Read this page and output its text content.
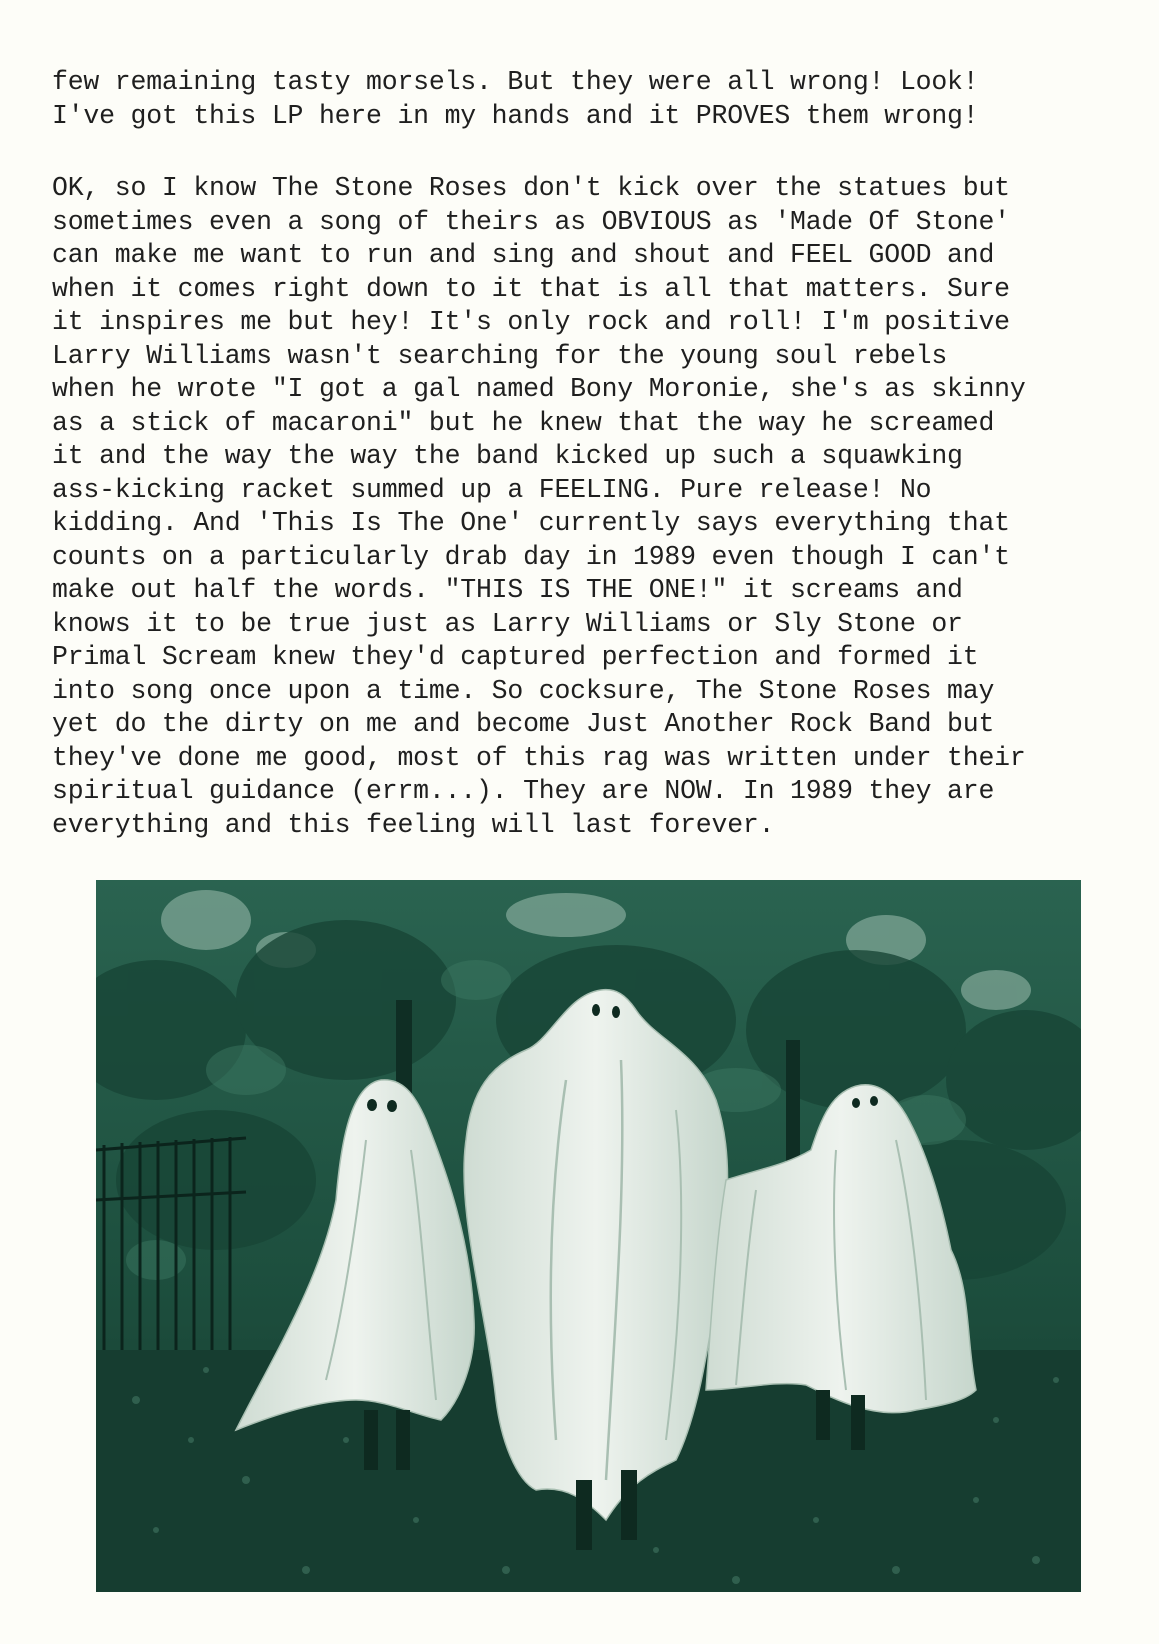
few remaining tasty morsels. But they were all wrong! Look!
I've got this LP here in my hands and it PROVES them wrong!
OK, so I know The Stone Roses don't kick over the statues but
sometimes even a song of theirs as OBVIOUS as 'Made Of Stone'
can make me want to run and sing and shout and FEEL GOOD and
when it comes right down to it that is all that matters. Sure
it inspires me but hey! It's only rock and roll! I'm positive
Larry Williams wasn't searching for the young soul rebels
when he wrote "I got a gal named Bony Moronie, she's as skinny
as a stick of macaroni" but he knew that the way he screamed
it and the way the way the band kicked up such a squawking
ass-kicking racket summed up a FEELING. Pure release! No
kidding. And 'This Is The One' currently says everything that
counts on a particularly drab day in 1989 even though I can't
make out half the words. "THIS IS THE ONE!" it screams and
knows it to be true just as Larry Williams or Sly Stone or
Primal Scream knew they'd captured perfection and formed it
into song once upon a time. So cocksure, The Stone Roses may
yet do the dirty on me and become Just Another Rock Band but
they've done me good, most of this rag was written under their
spiritual guidance (errm...). They are NOW. In 1989 they are
everything and this feeling will last forever.
